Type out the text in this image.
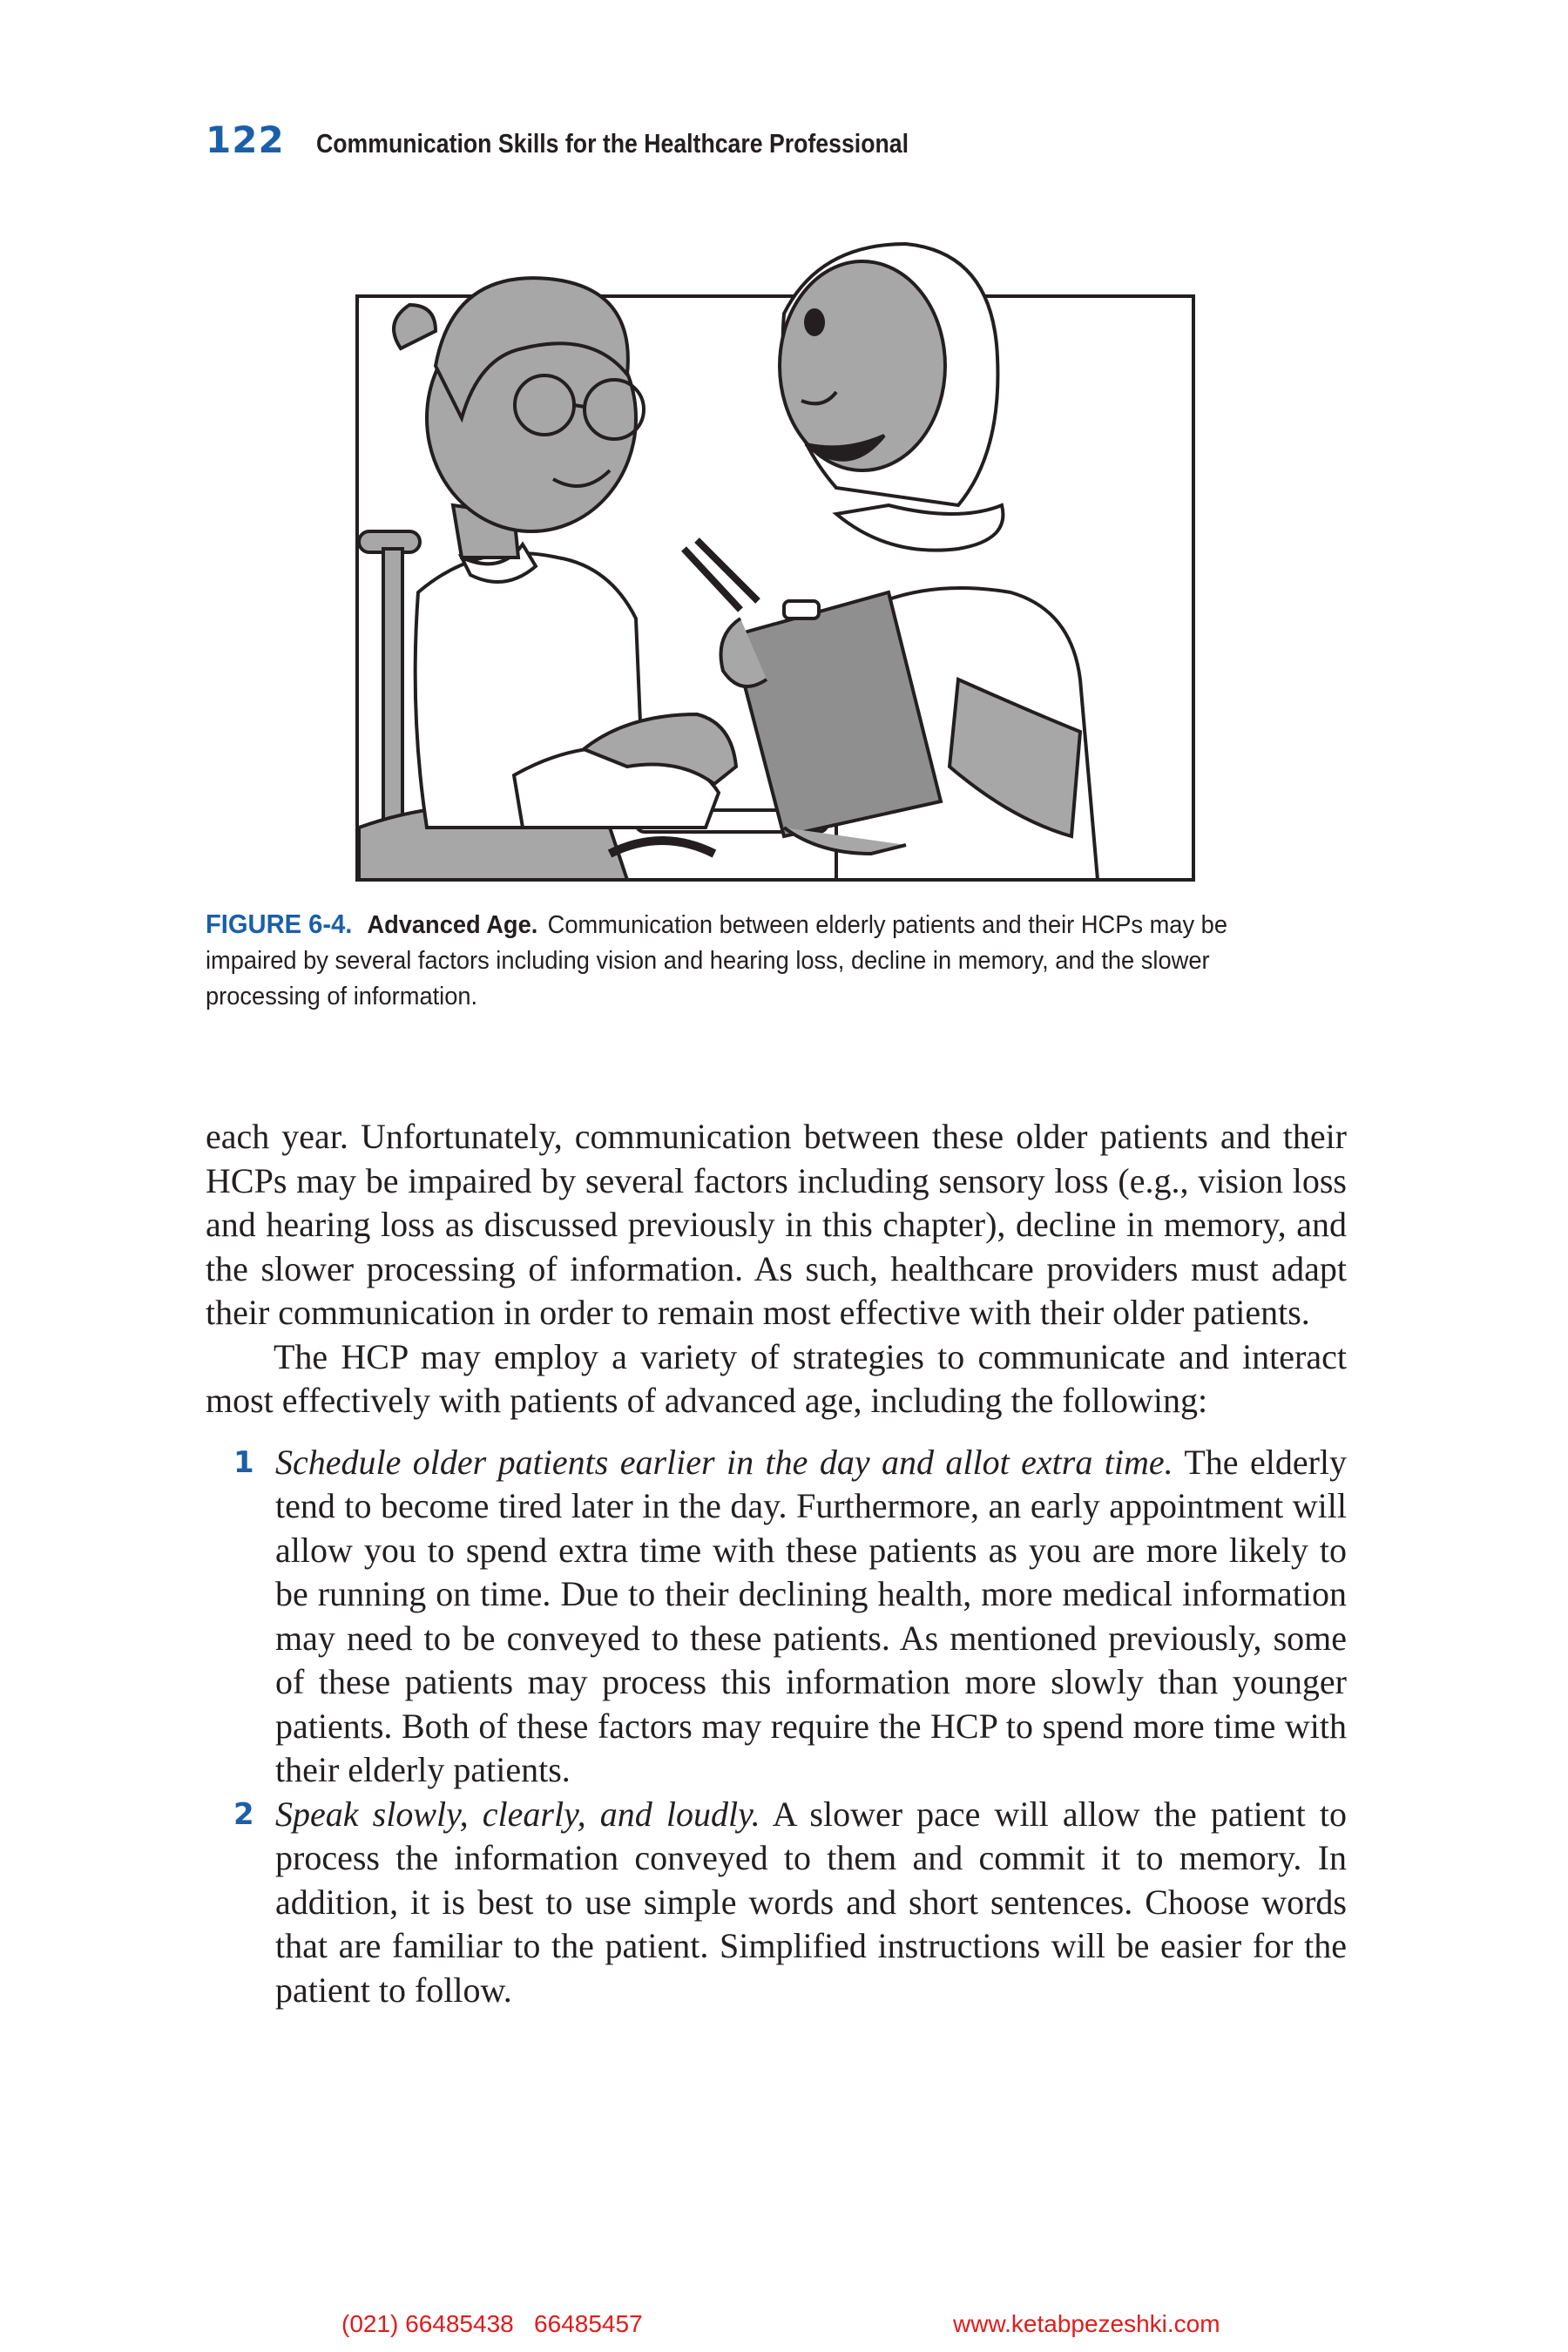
122 Communication Skills for the Healthcare Professional
FIGURE 6-4. Advanced Age. Communication between elderly patients and their HCPs may be impaired by several factors including vision and hearing loss, decline in memory, and the slower processing of information.

each year. Unfortunately, communication between these older patients and their HCPs may be impaired by several factors including sensory loss (e.g., vision loss and hearing loss as discussed previously in this chapter), decline in memory, and the slower processing of information. As such, healthcare providers must adapt their communication in order to remain most effective with their older patients.

The HCP may employ a variety of strategies to communicate and interact most effectively with patients of advanced age, including the following:

1 Schedule older patients earlier in the day and allot extra time. The elderly tend to become tired later in the day. Furthermore, an early appointment will allow you to spend extra time with these patients as you are more likely to be running on time. Due to their declining health, more medical information may need to be conveyed to these patients. As mentioned previously, some of these patients may process this information more slowly than younger patients. Both of these factors may require the HCP to spend more time with their elderly patients.
2 Speak slowly, clearly, and loudly. A slower pace will allow the patient to process the information conveyed to them and commit it to memory. In addition, it is best to use simple words and short sentences. Choose words that are familiar to the patient. Simplified instructions will be easier for the patient to follow.
(021) 66485438   66485457	www.ketabpezeshki.com
